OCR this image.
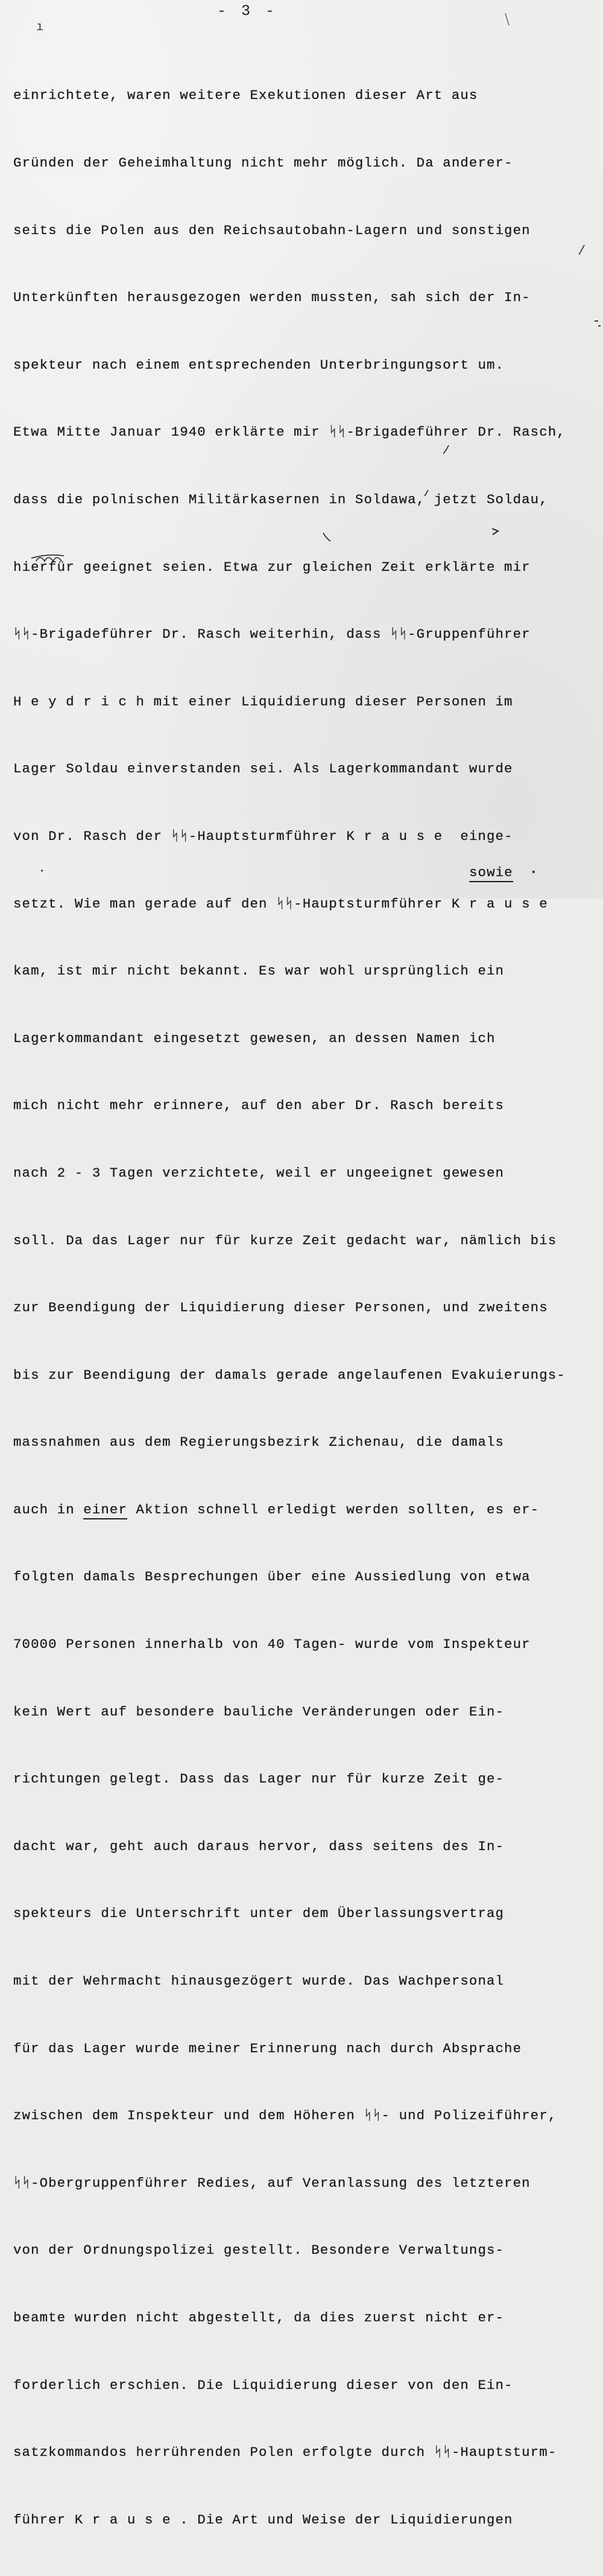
- 3 -
ı
/
•
•

einrichtete, waren weitere Exekutionen dieser Art aus

Gründen der Geheimhaltung nicht mehr möglich. Da anderer-

seits die Polen aus den Reichsautobahn-Lagern und sonstigen

Unterkünften herausgezogen werden mussten, sah sich der In-

spekteur nach einem entsprechenden Unterbringungsort um.

Etwa Mitte Januar 1940 erklärte mir ᛋᛋ-Brigadeführer Dr. Rasch,

dass die polnischen Militärkasernen in Soldawa, jetzt Soldau,

hierfür geeignet seien. Etwa zur gleichen Zeit erklärte mir

ᛋᛋ-Brigadeführer Dr. Rasch weiterhin, dass ᛋᛋ-Gruppenführer

H e y d r i c h mit einer Liquidierung dieser Personen im

Lager Soldau einverstanden sei. Als Lagerkommandant wurde

von Dr. Rasch der ᛋᛋ-Hauptsturmführer K r a u s e  einge-

setzt. Wie man gerade auf den ᛋᛋ-Hauptsturmführer K r a u s e

kam, ist mir nicht bekannt. Es war wohl ursprünglich ein

Lagerkommandant eingesetzt gewesen, an dessen Namen ich

mich nicht mehr erinnere, auf den aber Dr. Rasch bereits

nach 2 - 3 Tagen verzichtete, weil er ungeeignet gewesen

soll. Da das Lager nur für kurze Zeit gedacht war, nämlich bis

zur Beendigung der Liquidierung dieser Personen, und zweitens

bis zur Beendigung der damals gerade angelaufenen Evakuierungs-

massnahmen aus dem Regierungsbezirk Zichenau, die damals

auch in einer Aktion schnell erledigt werden sollten, es er-

folgten damals Besprechungen über eine Aussiedlung von etwa

70000 Personen innerhalb von 40 Tagen- wurde vom Inspekteur

kein Wert auf besondere bauliche Veränderungen oder Ein-

richtungen gelegt. Dass das Lager nur für kurze Zeit ge-

dacht war, geht auch daraus hervor, dass seitens des In-

spekteurs die Unterschrift unter dem Überlassungsvertrag

mit der Wehrmacht hinausgezögert wurde. Das Wachpersonal

für das Lager wurde meiner Erinnerung nach durch Absprache

zwischen dem Inspekteur und dem Höheren ᛋᛋ- und Polizeiführer,

ᛋᛋ-Obergruppenführer Redies, auf Veranlassung des letzteren

von der Ordnungspolizei gestellt. Besondere Verwaltungs-

beamte wurden nicht abgestellt, da dies zuerst nicht er-

forderlich erschien. Die Liquidierung dieser von den Ein-

satzkommandos herrührenden Polen erfolgte durch ᛋᛋ-Hauptsturm-

führer K r a u s e . Die Art und Weise der Liquidierungen

sowie
